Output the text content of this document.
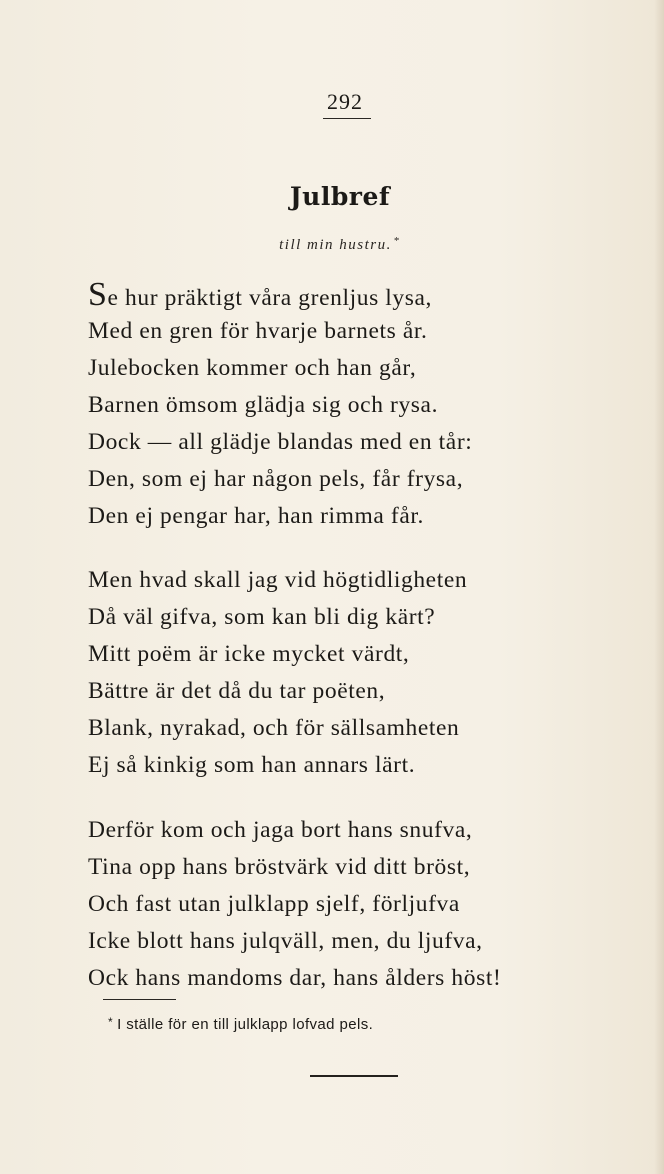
292
Julbref
till min hustru. *
Se hur präktigt våra grenljus lysa,
Med en gren för hvarje barnets år.
Julebocken kommer och han går,
Barnen ömsom glädja sig och rysa.
Dock — all glädje blandas med en tår:
Den, som ej har någon pels, får frysa,
Den ej pengar har, han rimma får.
Men hvad skall jag vid högtidligheten
Då väl gifva, som kan bli dig kärt?
Mitt poëm är icke mycket värdt,
Bättre är det då du tar poëten,
Blank, nyrakad, och för sällsamheten
Ej så kinkig som han annars lärt.
Derför kom och jaga bort hans snufva,
Tina opp hans bröstvärk vid ditt bröst,
Och fast utan julklapp sjelf, förljufva
Icke blott hans julqväll, men, du ljufva,
Ock hans mandoms dar, hans ålders höst!
* I ställe för en till julklapp lofvad pels.
